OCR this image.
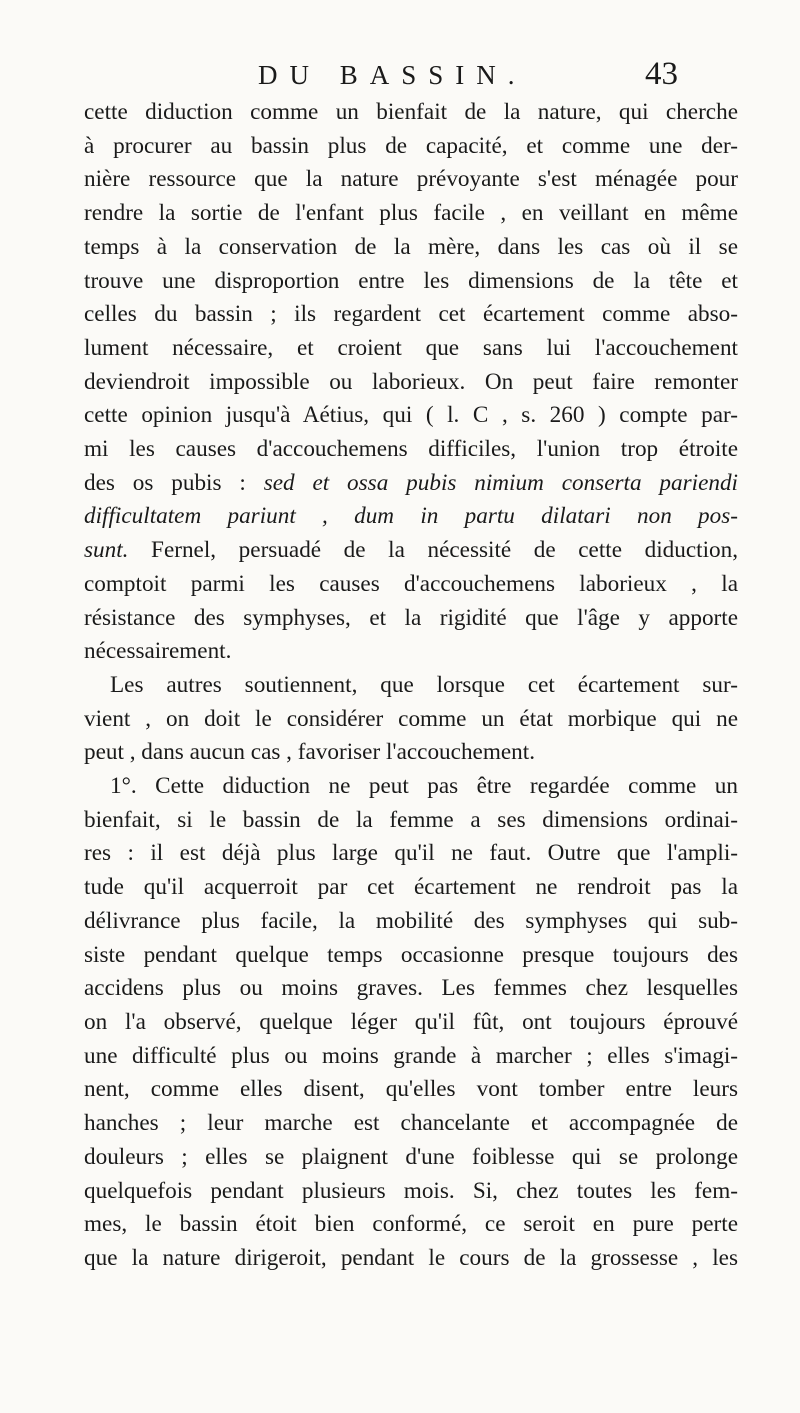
DU BASSIN.	43
cette diduction comme un bienfait de la nature, qui cherche
à procurer au bassin plus de capacité, et comme une der-
nière ressource que la nature prévoyante s'est ménagée pour
rendre la sortie de l'enfant plus facile , en veillant en même
temps à la conservation de la mère, dans les cas où il se
trouve une disproportion entre les dimensions de la tête et
celles du bassin ; ils regardent cet écartement comme abso-
lument nécessaire, et croient que sans lui l'accouchement
deviendroit impossible ou laborieux. On peut faire remonter
cette opinion jusqu'à Aétius, qui ( l. C , s. 260 ) compte par-
mi les causes d'accouchemens difficiles, l'union trop étroite
des os pubis : sed et ossa pubis nimium conserta pariendi
difficultatem pariunt , dum in partu dilatari non pos-
sunt. Fernel, persuadé de la nécessité de cette diduction,
comptoit parmi les causes d'accouchemens laborieux , la
résistance des symphyses, et la rigidité que l'âge y apporte
nécessairement.
Les autres soutiennent, que lorsque cet écartement sur-
vient , on doit le considérer comme un état morbique qui ne
peut , dans aucun cas , favoriser l'accouchement.
1°. Cette diduction ne peut pas être regardée comme un
bienfait, si le bassin de la femme a ses dimensions ordinai-
res : il est déjà plus large qu'il ne faut. Outre que l'ampli-
tude qu'il acquerroit par cet écartement ne rendroit pas la
délivrance plus facile, la mobilité des symphyses qui sub-
siste pendant quelque temps occasionne presque toujours des
accidens plus ou moins graves. Les femmes chez lesquelles
on l'a observé, quelque léger qu'il fût, ont toujours éprouvé
une difficulté plus ou moins grande à marcher ; elles s'imagi-
nent, comme elles disent, qu'elles vont tomber entre leurs
hanches ; leur marche est chancelante et accompagnée de
douleurs ; elles se plaignent d'une foiblesse qui se prolonge
quelquefois pendant plusieurs mois. Si, chez toutes les fem-
mes, le bassin étoit bien conformé, ce seroit en pure perte
que la nature dirigeroit, pendant le cours de la grossesse , les
